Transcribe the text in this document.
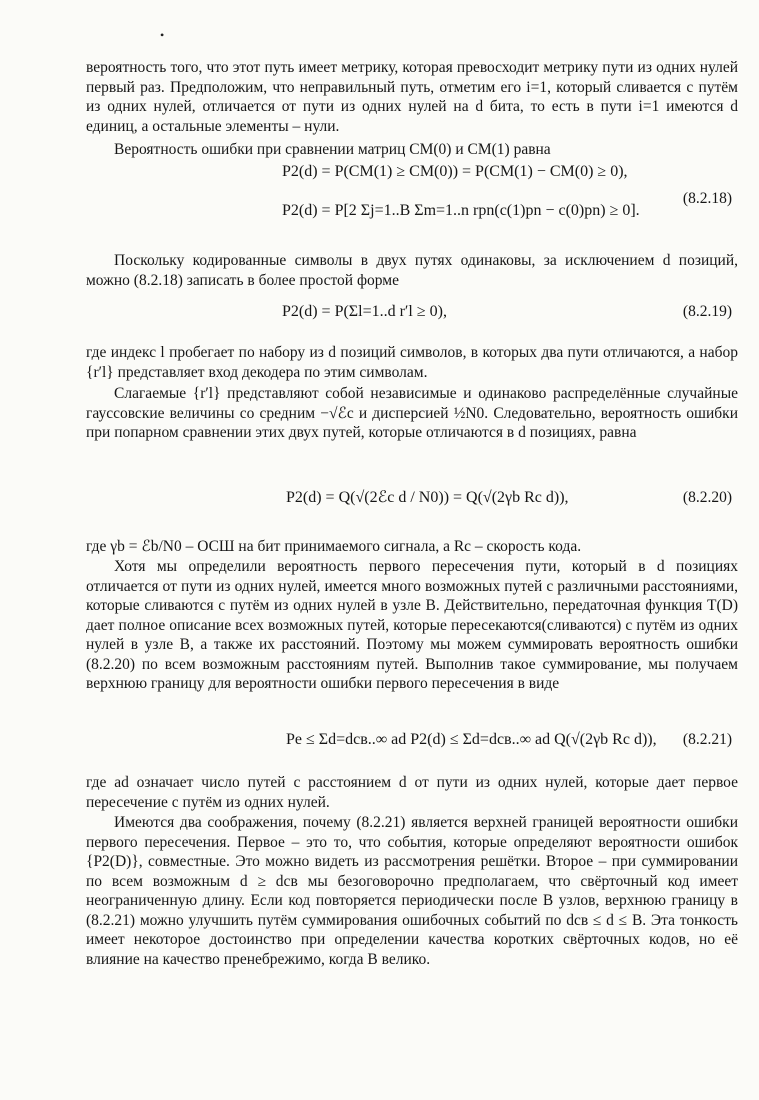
•

вероятность того, что этот путь имеет метрику, которая превосходит метрику пути из одних нулей первый раз. Предположим, что неправильный путь, отметим его i=1, который сливается с путём из одних нулей, отличается от пути из одних нулей на d бита, то есть в пути i=1 имеются d единиц, а остальные элементы – нули.

Вероятность ошибки при сравнении матриц CM(0) и CM(1) равна

P2(d) = P(CM(1) ≥ CM(0)) = P(CM(1) − CM(0) ≥ 0),
P2(d) = P[2 Σj=1..B Σm=1..n rpn(c(1)pn − c(0)pn) ≥ 0].
(8.2.18)

Поскольку кодированные символы в двух путях одинаковы, за исключением d позиций, можно (8.2.18) записать в более простой форме

P2(d) = P(Σl=1..d r′l ≥ 0),	(8.2.19)

где индекс l пробегает по набору из d позиций символов, в которых два пути отличаются, а набор {r′l} представляет вход декодера по этим символам.

Слагаемые {r′l} представляют собой независимые и одинаково распределённые случайные гауссовские величины со средним −√ℰc и дисперсией ½N0. Следовательно, вероятность ошибки при попарном сравнении этих двух путей, которые отличаются в d позициях, равна

P2(d) = Q(√(2ℰc d / N0)) = Q(√(2γb Rc d)),	(8.2.20)

где γb = ℰb/N0 – ОСШ на бит принимаемого сигнала, а Rc – скорость кода.

Хотя мы определили вероятность первого пересечения пути, который в d позициях отличается от пути из одних нулей, имеется много возможных путей с различными расстояниями, которые сливаются с путём из одних нулей в узле B. Действительно, передаточная функция T(D) дает полное описание всех возможных путей, которые пересекаются(сливаются) с путём из одних нулей в узле B, а также их расстояний. Поэтому мы можем суммировать вероятность ошибки (8.2.20) по всем возможным расстояниям путей. Выполнив такое суммирование, мы получаем верхнюю границу для вероятности ошибки первого пересечения в виде

Pe ≤ Σd=dсв..∞ ad P2(d) ≤ Σd=dсв..∞ ad Q(√(2γb Rc d)), (8.2.21)

где ad означает число путей с расстоянием d от пути из одних нулей, которые дает первое пересечение с путём из одних нулей.

Имеются два соображения, почему (8.2.21) является верхней границей вероятности ошибки первого пересечения. Первое – это то, что события, которые определяют вероятности ошибок {P2(D)}, совместные. Это можно видеть из рассмотрения решётки. Второе – при суммировании по всем возможным d ≥ dсв мы безоговорочно предполагаем, что свёрточный код имеет неограниченную длину. Если код повторяется периодически после B узлов, верхнюю границу в (8.2.21) можно улучшить путём суммирования ошибочных событий по dсв ≤ d ≤ B. Эта тонкость имеет некоторое достоинство при определении качества коротких свёрточных кодов, но её влияние на качество пренебрежимо, когда B велико.
